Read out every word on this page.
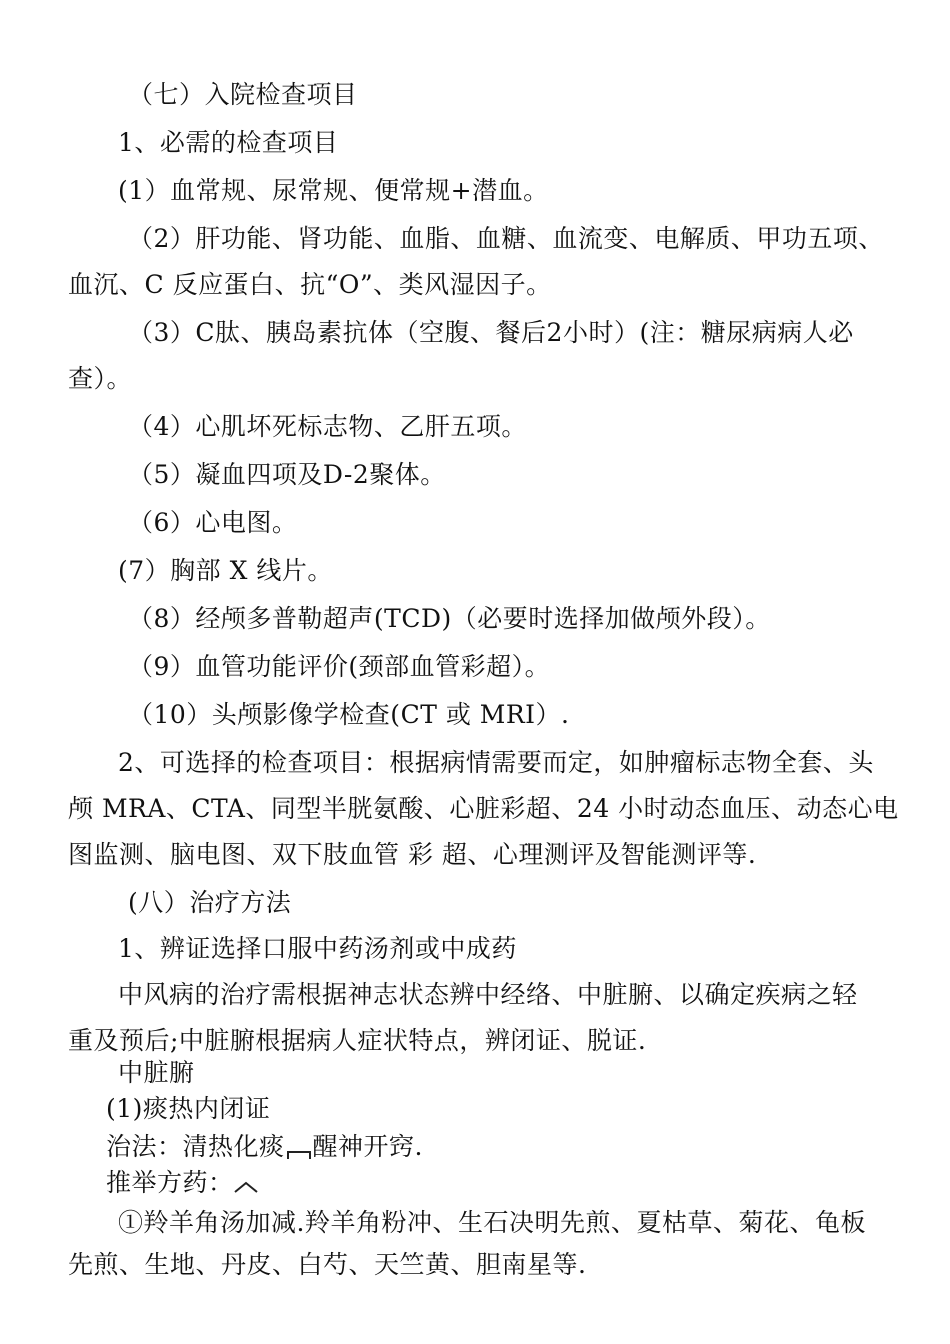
（七）入院检查项目
1、必需的检查项目
(1）血常规、尿常规、便常规+潜血。
（2）肝功能、肾功能、血脂、血糖、血流变、电解质、甲功五项、
血沉、C 反应蛋白、抗“O”、类风湿因子。
（3）C肽、胰岛素抗体（空腹、餐后2小时）(注：糖尿病病人必
查）。
（4）心肌坏死标志物、乙肝五项。
（5）凝血四项及D-2聚体。
（6）心电图。
(7）胸部 X 线片。
（8）经颅多普勒超声(TCD)（必要时选择加做颅外段）。
（9）血管功能评价(颈部血管彩超）。
（10）头颅影像学检查(CT 或 MRI）.
2、可选择的检查项目：根据病情需要而定，如肿瘤标志物全套、头
颅 MRA、CTA、同型半胱氨酸、心脏彩超、24 小时动态血压、动态心电
图监测、脑电图、双下肢血管 彩 超、心理测评及智能测评等.
(八）治疗方法
1、辨证选择口服中药汤剂或中成药
中风病的治疗需根据神志状态辨中经络、中脏腑、以确定疾病之轻
重及预后;中脏腑根据病人症状特点，辨闭证、脱证.
中脏腑
(1)痰热内闭证
治法：清热化痰 醒神开窍.
推举方药：
①羚羊角汤加减.羚羊角粉冲、生石决明先煎、夏枯草、菊花、龟板
先煎、生地、丹皮、白芍、天竺黄、胆南星等.
